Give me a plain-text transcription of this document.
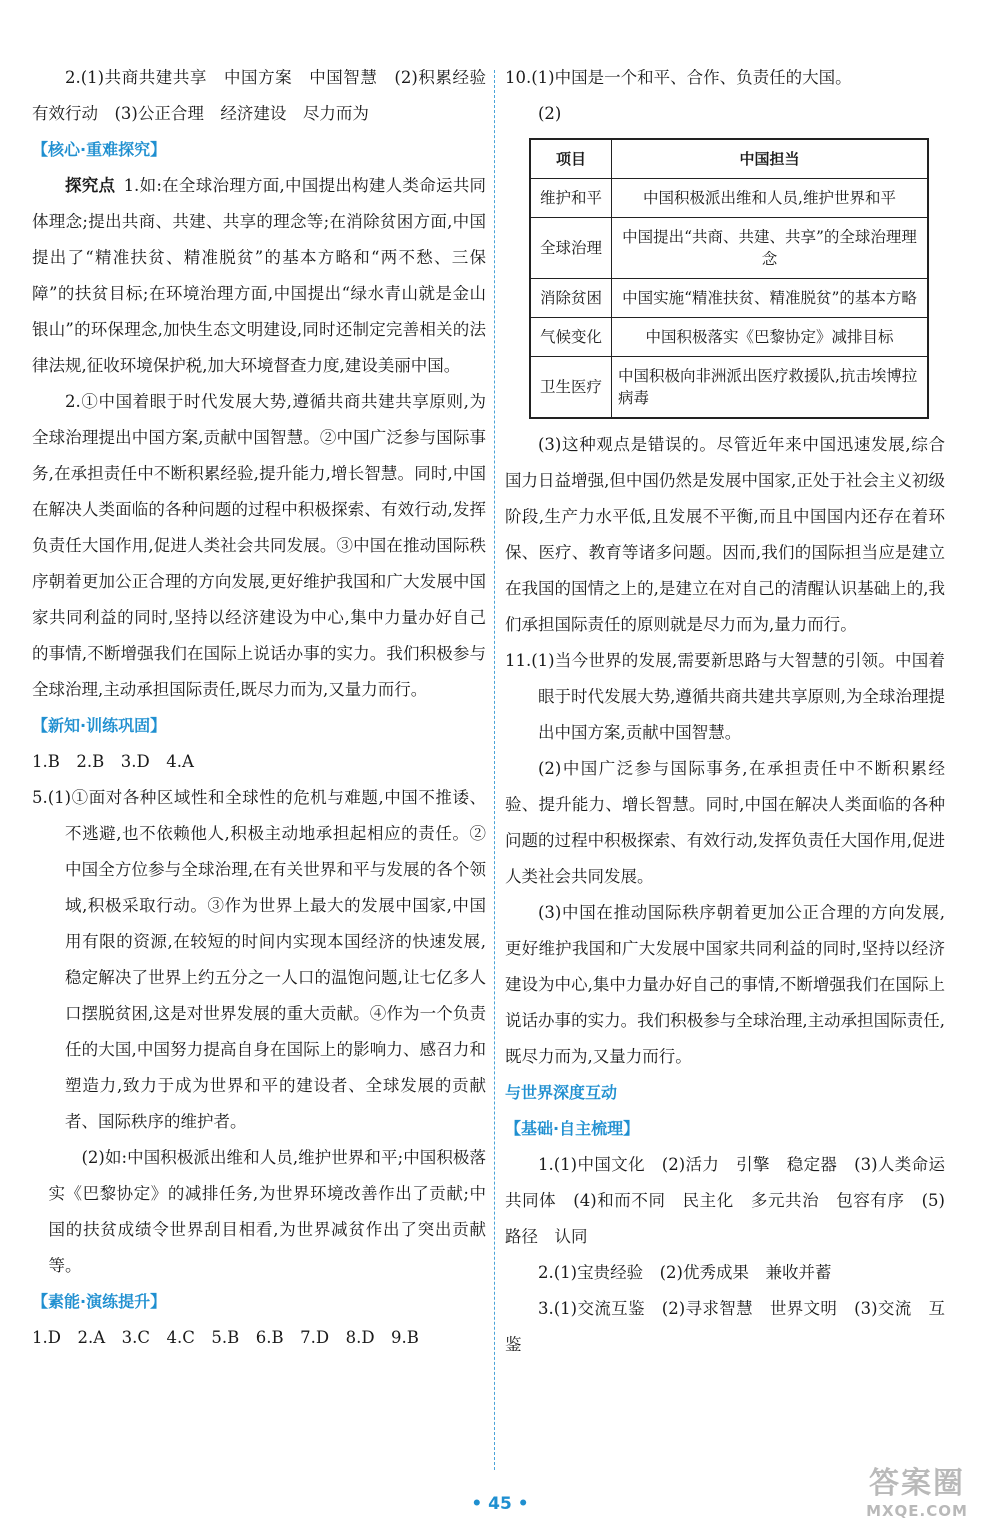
2.(1)共商共建共享　中国方案　中国智慧　(2)积累经验　有效行动　(3)公正合理　经济建设　尽力而为

【核心·重难探究】

探究点  1.如:在全球治理方面,中国提出构建人类命运共同体理念;提出共商、共建、共享的理念等;在消除贫困方面,中国提出了“精准扶贫、精准脱贫”的基本方略和“两不愁、三保障”的扶贫目标;在环境治理方面,中国提出“绿水青山就是金山银山”的环保理念,加快生态文明建设,同时还制定完善相关的法律法规,征收环境保护税,加大环境督查力度,建设美丽中国。

2.①中国着眼于时代发展大势,遵循共商共建共享原则,为全球治理提出中国方案,贡献中国智慧。②中国广泛参与国际事务,在承担责任中不断积累经验,提升能力,增长智慧。同时,中国在解决人类面临的各种问题的过程中积极探索、有效行动,发挥负责任大国作用,促进人类社会共同发展。③中国在推动国际秩序朝着更加公正合理的方向发展,更好维护我国和广大发展中国家共同利益的同时,坚持以经济建设为中心,集中力量办好自己的事情,不断增强我们在国际上说话办事的实力。我们积极参与全球治理,主动承担国际责任,既尽力而为,又量力而行。

【新知·训练巩固】

1.B　2.B　3.D　4.A

5.(1)①面对各种区域性和全球性的危机与难题,中国不推诿、不逃避,也不依赖他人,积极主动地承担起相应的责任。②中国全方位参与全球治理,在有关世界和平与发展的各个领域,积极采取行动。③作为世界上最大的发展中国家,中国用有限的资源,在较短的时间内实现本国经济的快速发展,稳定解决了世界上约五分之一人口的温饱问题,让七亿多人口摆脱贫困,这是对世界发展的重大贡献。④作为一个负责任的大国,中国努力提高自身在国际上的影响力、感召力和塑造力,致力于成为世界和平的建设者、全球发展的贡献者、国际秩序的维护者。

(2)如:中国积极派出维和人员,维护世界和平;中国积极落实《巴黎协定》的减排任务,为世界环境改善作出了贡献;中国的扶贫成绩令世界刮目相看,为世界减贫作出了突出贡献等。

【素能·演练提升】

1.D　2.A　3.C　4.C　5.B　6.B　7.D　8.D　9.B

10.(1)中国是一个和平、合作、负责任的大国。

(2)

项目	中国担当
维护和平	中国积极派出维和人员,维护世界和平
全球治理	中国提出“共商、共建、共享”的全球治理理念
消除贫困	中国实施“精准扶贫、精准脱贫”的基本方略
气候变化	中国积极落实《巴黎协定》减排目标
卫生医疗	中国积极向非洲派出医疗救援队,抗击埃博拉病毒

(3)这种观点是错误的。尽管近年来中国迅速发展,综合国力日益增强,但中国仍然是发展中国家,正处于社会主义初级阶段,生产力水平低,且发展不平衡,而且中国国内还存在着环保、医疗、教育等诸多问题。因而,我们的国际担当应是建立在我国的国情之上的,是建立在对自己的清醒认识基础上的,我们承担国际责任的原则就是尽力而为,量力而行。

11.(1)当今世界的发展,需要新思路与大智慧的引领。中国着眼于时代发展大势,遵循共商共建共享原则,为全球治理提出中国方案,贡献中国智慧。

(2)中国广泛参与国际事务,在承担责任中不断积累经验、提升能力、增长智慧。同时,中国在解决人类面临的各种问题的过程中积极探索、有效行动,发挥负责任大国作用,促进人类社会共同发展。

(3)中国在推动国际秩序朝着更加公正合理的方向发展,更好维护我国和广大发展中国家共同利益的同时,坚持以经济建设为中心,集中力量办好自己的事情,不断增强我们在国际上说话办事的实力。我们积极参与全球治理,主动承担国际责任,既尽力而为,又量力而行。

与世界深度互动

【基础·自主梳理】

1.(1)中国文化　(2)活力　引擎　稳定器　(3)人类命运共同体　(4)和而不同　民主化　多元共治　包容有序　(5)路径　认同

2.(1)宝贵经验　(2)优秀成果　兼收并蓄

3.(1)交流互鉴　(2)寻求智慧　世界文明　(3)交流　互鉴

• 45 •
答案圈
MXQE.COM
